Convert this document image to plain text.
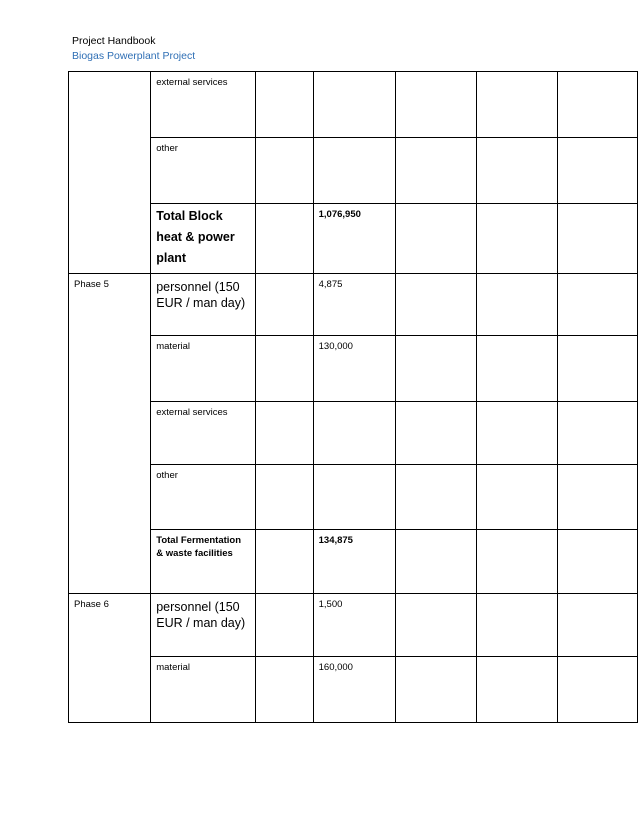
Project Handbook
Biogas Powerplant Project

	external services					

	other					

	Total Block heat & power plant		1,076,950			

Phase 5	personnel (150 EUR / man day)		4,875			

	material		130,000			

	external services					

	other					

	Total Fermentation & waste facilities		134,875			

Phase 6	personnel (150 EUR / man day)		1,500			

	material		160,000			
